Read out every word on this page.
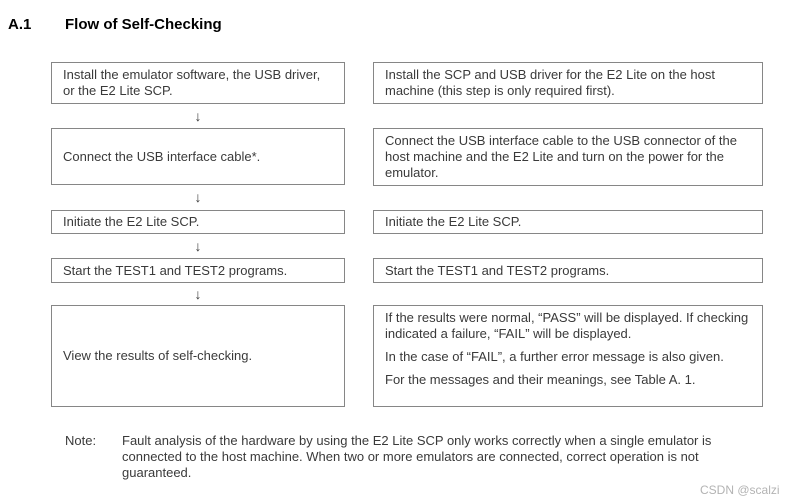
A.1 Flow of Self-Checking
Install the emulator software, the USB driver, or the E2 Lite SCP.
Install the SCP and USB driver for the E2 Lite on the host machine (this step is only required first).
↓
Connect the USB interface cable*.
Connect the USB interface cable to the USB connector of the host machine and the E2 Lite and turn on the power for the emulator.
↓
Initiate the E2 Lite SCP.	Initiate the E2 Lite SCP.
↓
Start the TEST1 and TEST2 programs.	Start the TEST1 and TEST2 programs.
↓
View the results of self-checking.

If the results were normal, “PASS” will be displayed. If checking indicated a failure, “FAIL” will be displayed.

In the case of “FAIL”, a further error message is also given.

For the messages and their meanings, see Table A. 1.

Note: Fault analysis of the hardware by using the E2 Lite SCP only works correctly when a single emulator is connected to the host machine. When two or more emulators are connected, correct operation is not guaranteed.
CSDN @scalzi
